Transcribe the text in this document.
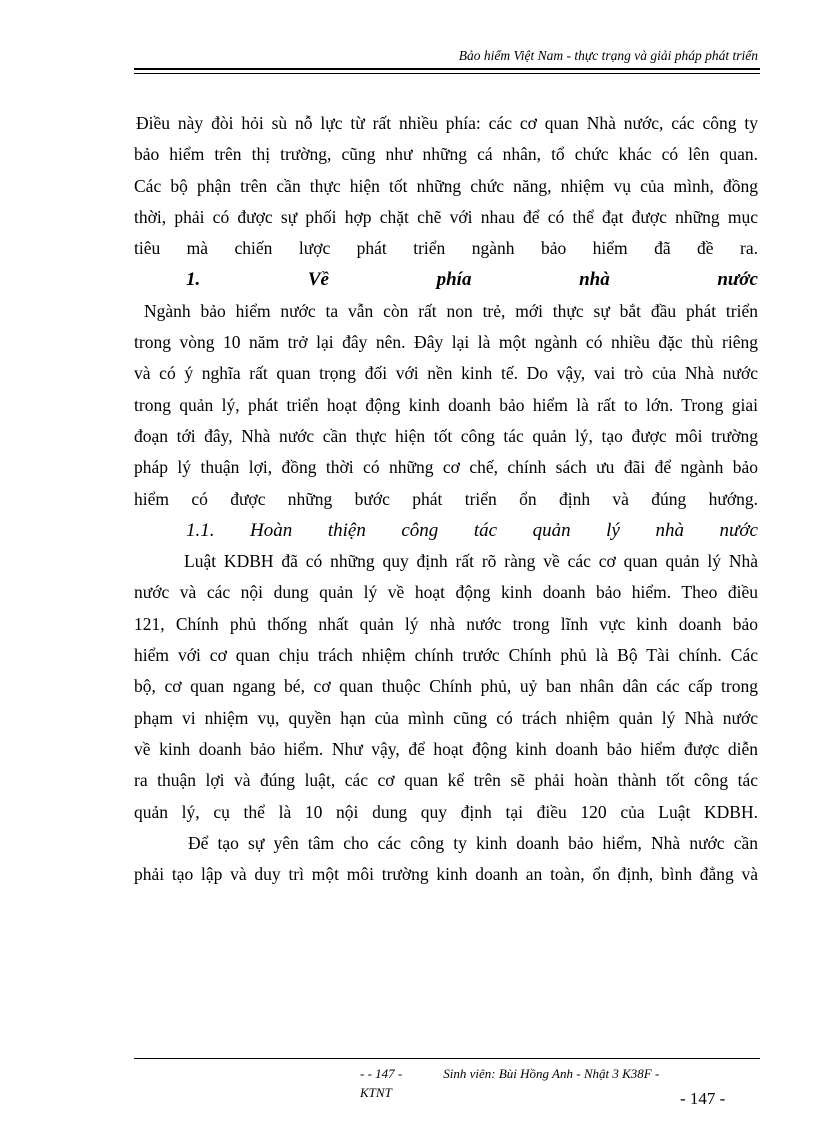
Bảo hiểm Việt Nam - thực trạng và giải pháp phát triển
Điều này đòi hỏi sù nỗ lực từ rất nhiều phía: các cơ quan Nhà nước, các công ty
bảo hiểm trên thị trường, cũng như những cá nhân, tổ chức khác có lên quan.
Các bộ phận trên cần thực hiện tốt những chức năng, nhiệm vụ của mình, đồng
thời, phải có được sự phối hợp chặt chẽ với nhau để có thể đạt được những mục
tiêu mà chiến lược phát triển ngành bảo hiểm đã đề ra.
1.	Về	phía	nhà	nước
Ngành bảo hiểm nước ta vẫn còn rất non trẻ, mới thực sự bắt đầu phát triển
trong vòng 10 năm trở lại đây nên. Đây lại là một ngành có nhiều đặc thù riêng
và có ý nghĩa rất quan trọng đối với nền kinh tế. Do vậy, vai trò của Nhà nước
trong quản lý, phát triển hoạt động kinh doanh bảo hiểm là rất to lớn. Trong giai
đoạn tới đây, Nhà nước cần thực hiện tốt công tác quản lý, tạo được môi trường
pháp lý thuận lợi, đồng thời có những cơ chế, chính sách ưu đãi để ngành bảo
hiểm có được những bước phát triển ổn định và đúng hướng.
1.1. Hoàn thiện công tác quản lý nhà nước
Luật KDBH đã có những quy định rất rõ ràng về các cơ quan quản lý Nhà
nước và các nội dung quản lý về hoạt động kinh doanh bảo hiểm. Theo điều
121, Chính phủ thống nhất quản lý nhà nước trong lĩnh vực kinh doanh bảo
hiểm với cơ quan chịu trách nhiệm chính trước Chính phủ là Bộ Tài chính. Các
bộ, cơ quan ngang bé, cơ quan thuộc Chính phủ, uỷ ban nhân dân các cấp trong
phạm vi nhiệm vụ, quyền hạn của mình cũng có trách nhiệm quản lý Nhà nước
về kinh doanh bảo hiểm. Như vậy, để hoạt động kinh doanh bảo hiểm được diễn
ra thuận lợi và đúng luật, các cơ quan kể trên sẽ phải hoàn thành tốt công tác
quản lý, cụ thể là 10 nội dung quy định tại điều 120 của Luật KDBH.
Để tạo sự yên tâm cho các công ty kinh doanh bảo hiểm, Nhà nước cần
phải tạo lập và duy trì một môi trường kinh doanh an toàn, ổn định, bình đẳng và
- - 147 -	Sinh viên: Bùi Hồng Anh - Nhật 3 K38F -
KTNT	- 147 -
